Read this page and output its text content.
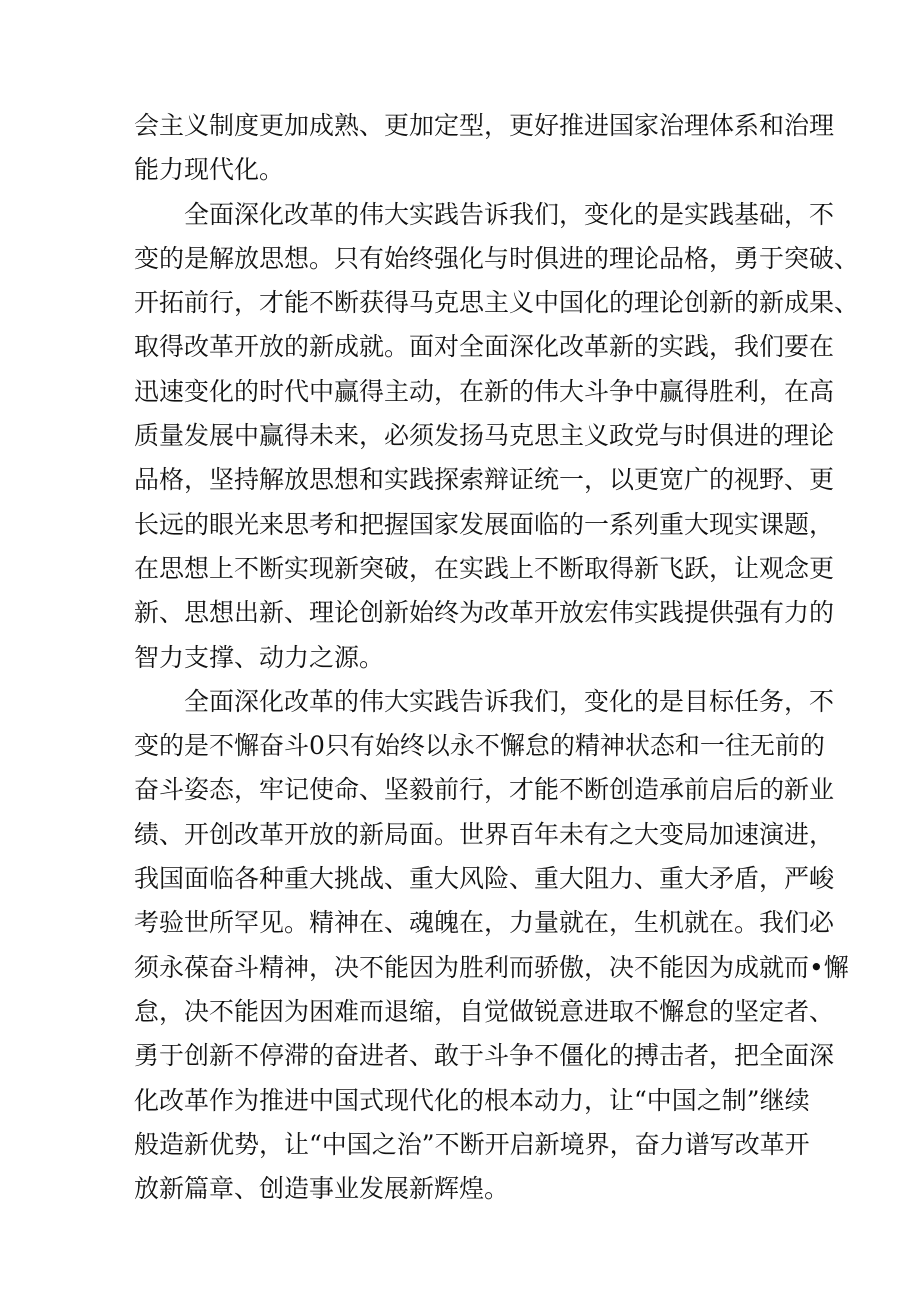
会主义制度更加成熟、更加定型，更好推进国家治理体系和治理
能力现代化。
　　全面深化改革的伟大实践告诉我们，变化的是实践基础，不
变的是解放思想。只有始终强化与时俱进的理论品格，勇于突破、
开拓前行，才能不断获得马克思主义中国化的理论创新的新成果、
取得改革开放的新成就。面对全面深化改革新的实践，我们要在
迅速变化的时代中赢得主动，在新的伟大斗争中赢得胜利，在高
质量发展中赢得未来，必须发扬马克思主义政党与时俱进的理论
品格，坚持解放思想和实践探索辩证统一，以更宽广的视野、更
长远的眼光来思考和把握国家发展面临的一系列重大现实课题，
在思想上不断实现新突破，在实践上不断取得新飞跃，让观念更
新、思想出新、理论创新始终为改革开放宏伟实践提供强有力的
智力支撑、动力之源。
　　全面深化改革的伟大实践告诉我们，变化的是目标任务，不
变的是不懈奋斗0只有始终以永不懈怠的精神状态和一往无前的
奋斗姿态，牢记使命、坚毅前行，才能不断创造承前启后的新业
绩、开创改革开放的新局面。世界百年未有之大变局加速演进，
我国面临各种重大挑战、重大风险、重大阻力、重大矛盾，严峻
考验世所罕见。精神在、魂魄在，力量就在，生机就在。我们必
须永葆奋斗精神，决不能因为胜利而骄傲，决不能因为成就而•懈
怠，决不能因为困难而退缩，自觉做锐意进取不懈怠的坚定者、
勇于创新不停滞的奋进者、敢于斗争不僵化的搏击者，把全面深
化改革作为推进中国式现代化的根本动力，让“中国之制”继续
般造新优势，让“中国之治”不断开启新境界，奋力谱写改革开
放新篇章、创造事业发展新辉煌。
